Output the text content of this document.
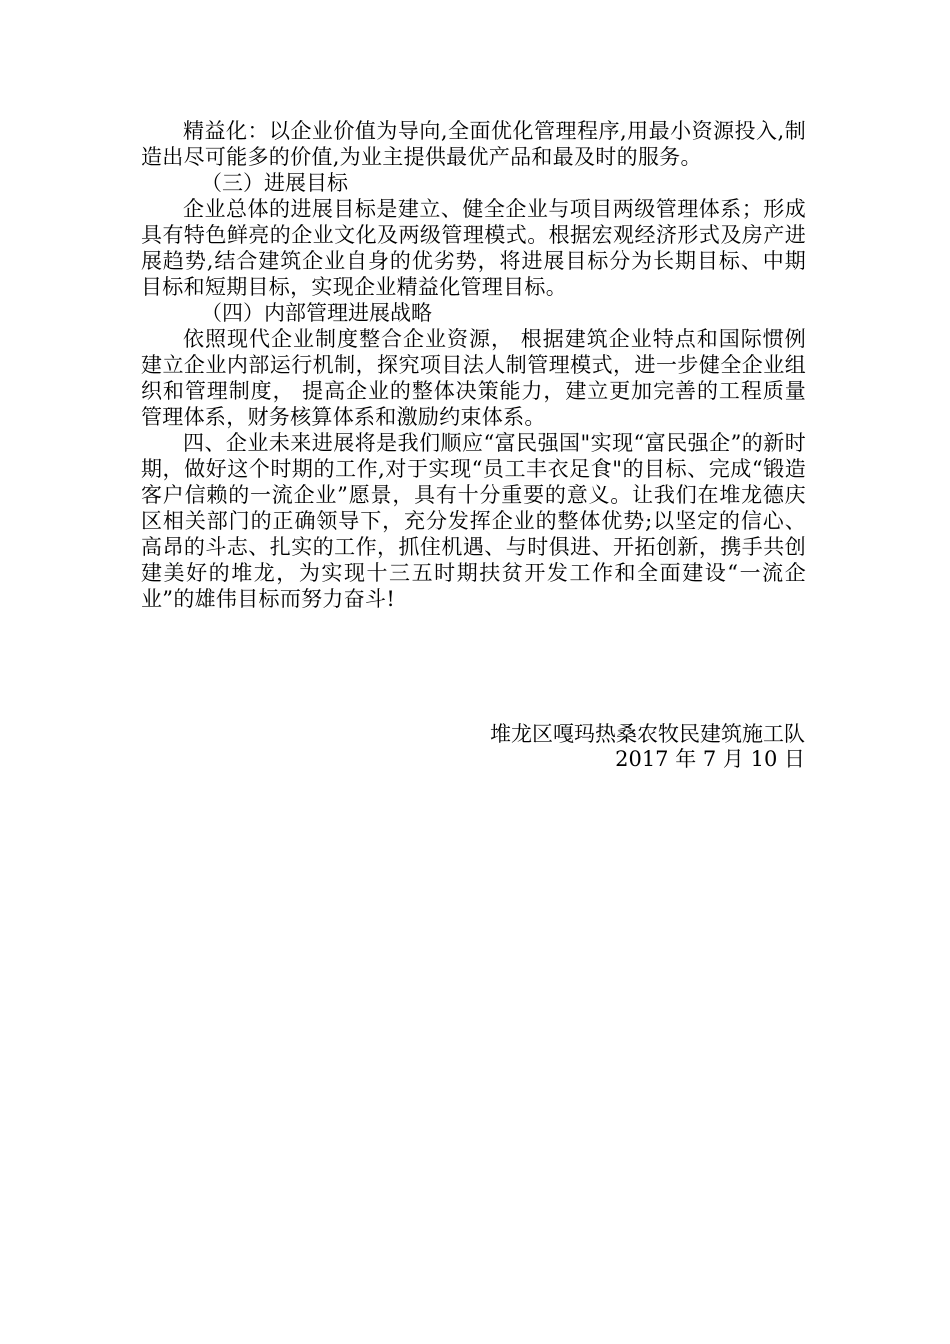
精益化：以企业价值为导向,全面优化管理程序,用最小资源投入,制造出尽可能多的价值,为业主提供最优产品和最及时的服务。

（三）进展目标

企业总体的进展目标是建立、健全企业与项目两级管理体系；形成具有特色鲜亮的企业文化及两级管理模式。根据宏观经济形式及房产进展趋势,结合建筑企业自身的优劣势，将进展目标分为长期目标、中期目标和短期目标，实现企业精益化管理目标。

（四）内部管理进展战略

依照现代企业制度整合企业资源， 根据建筑企业特点和国际惯例建立企业内部运行机制，探究项目法人制管理模式，进一步健全企业组织和管理制度， 提高企业的整体决策能力，建立更加完善的工程质量管理体系，财务核算体系和激励约束体系。

四、企业未来进展将是我们顺应“富民强国"实现“富民强企”的新时期，做好这个时期的工作,对于实现“员工丰衣足食"的目标、完成“锻造客户信赖的一流企业”愿景，具有十分重要的意义。让我们在堆龙德庆区相关部门的正确领导下，充分发挥企业的整体优势;以坚定的信心、高昂的斗志、扎实的工作，抓住机遇、与时俱进、开拓创新，携手共创建美好的堆龙，为实现十三五时期扶贫开发工作和全面建设“一流企业”的雄伟目标而努力奋斗!

堆龙区嘎玛热桑农牧民建筑施工队

2017 年 7 月 10 日
